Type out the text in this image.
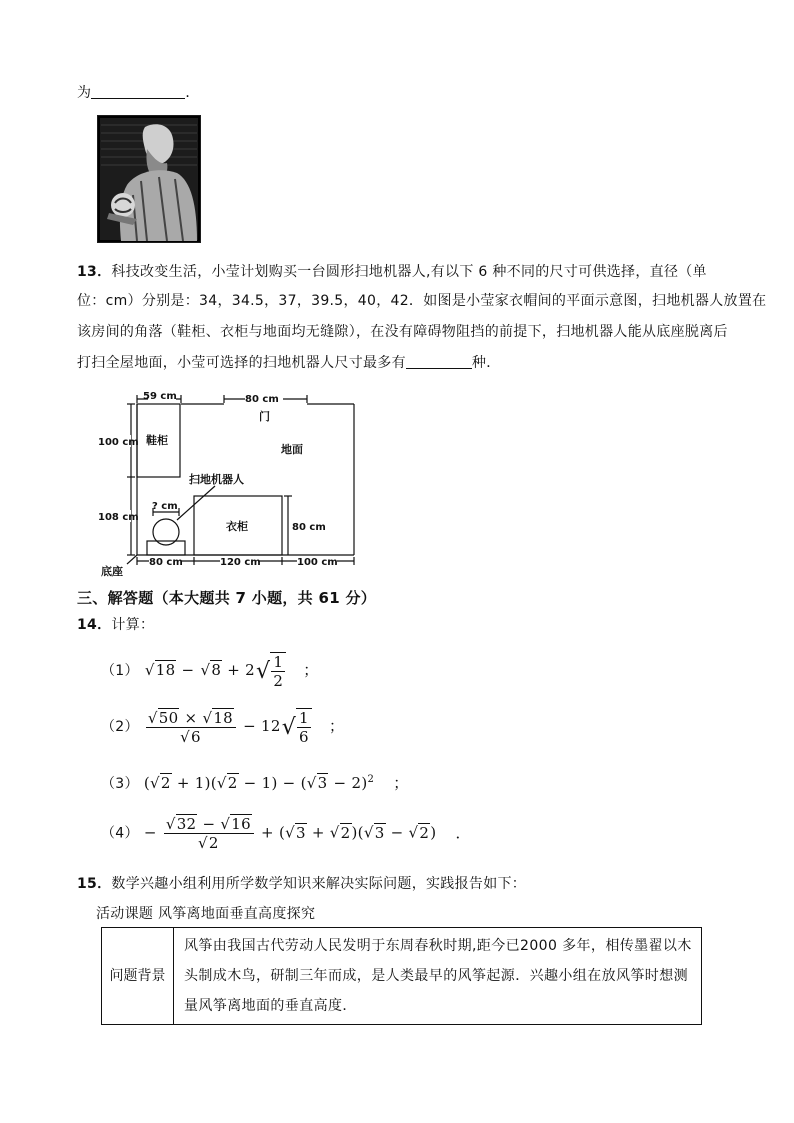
为	．
13．科技改变生活，小莹计划购买一台圆形扫地机器人,有以下 6 种不同的尺寸可供选择，直径（单
位：cm）分别是：34，34.5，37，39.5，40，42．如图是小莹家衣帽间的平面示意图，扫地机器人放置在
该房间的角落（鞋柜、衣柜与地面均无缝隙），在没有障碍物阻挡的前提下，扫地机器人能从底座脱离后
打扫全屋地面，小莹可选择的扫地机器人尺寸最多有	种．
59 cm	80 cm
门
100 cm 鞋柜
地面
扫地机器人
108 cm
? cm
衣柜	80 cm
80 cm	120 cm	100 cm
底座
三、解答题（本大题共 7 小题，共 61 分）
14．计算：
（1） $√18 - √8 + 2√ \frac{1}{2}$ ；
$(2) \frac{√50 \times √18}{√6} - 12√ \frac{1}{6}$ ；
（3） $(√2 + 1)(√2 - 1) - (√3 - 2)^2$ ；
$(4) - \frac{√32 - √16}{√2} + (√3 + √2)(√3 - √2)$ ．
15．数学兴趣小组利用所学数学知识来解决实际问题，实践报告如下：
活动课题 风筝离地面垂直高度探究
问题背景	风筝由我国古代劳动人民发明于东周春秋时期,距今已2000 多年，相传墨翟以木头制成木鸟，研制三年而成，是人类最早的风筝起源．兴趣小组在放风筝时想测量风筝离地面的垂直高度．
